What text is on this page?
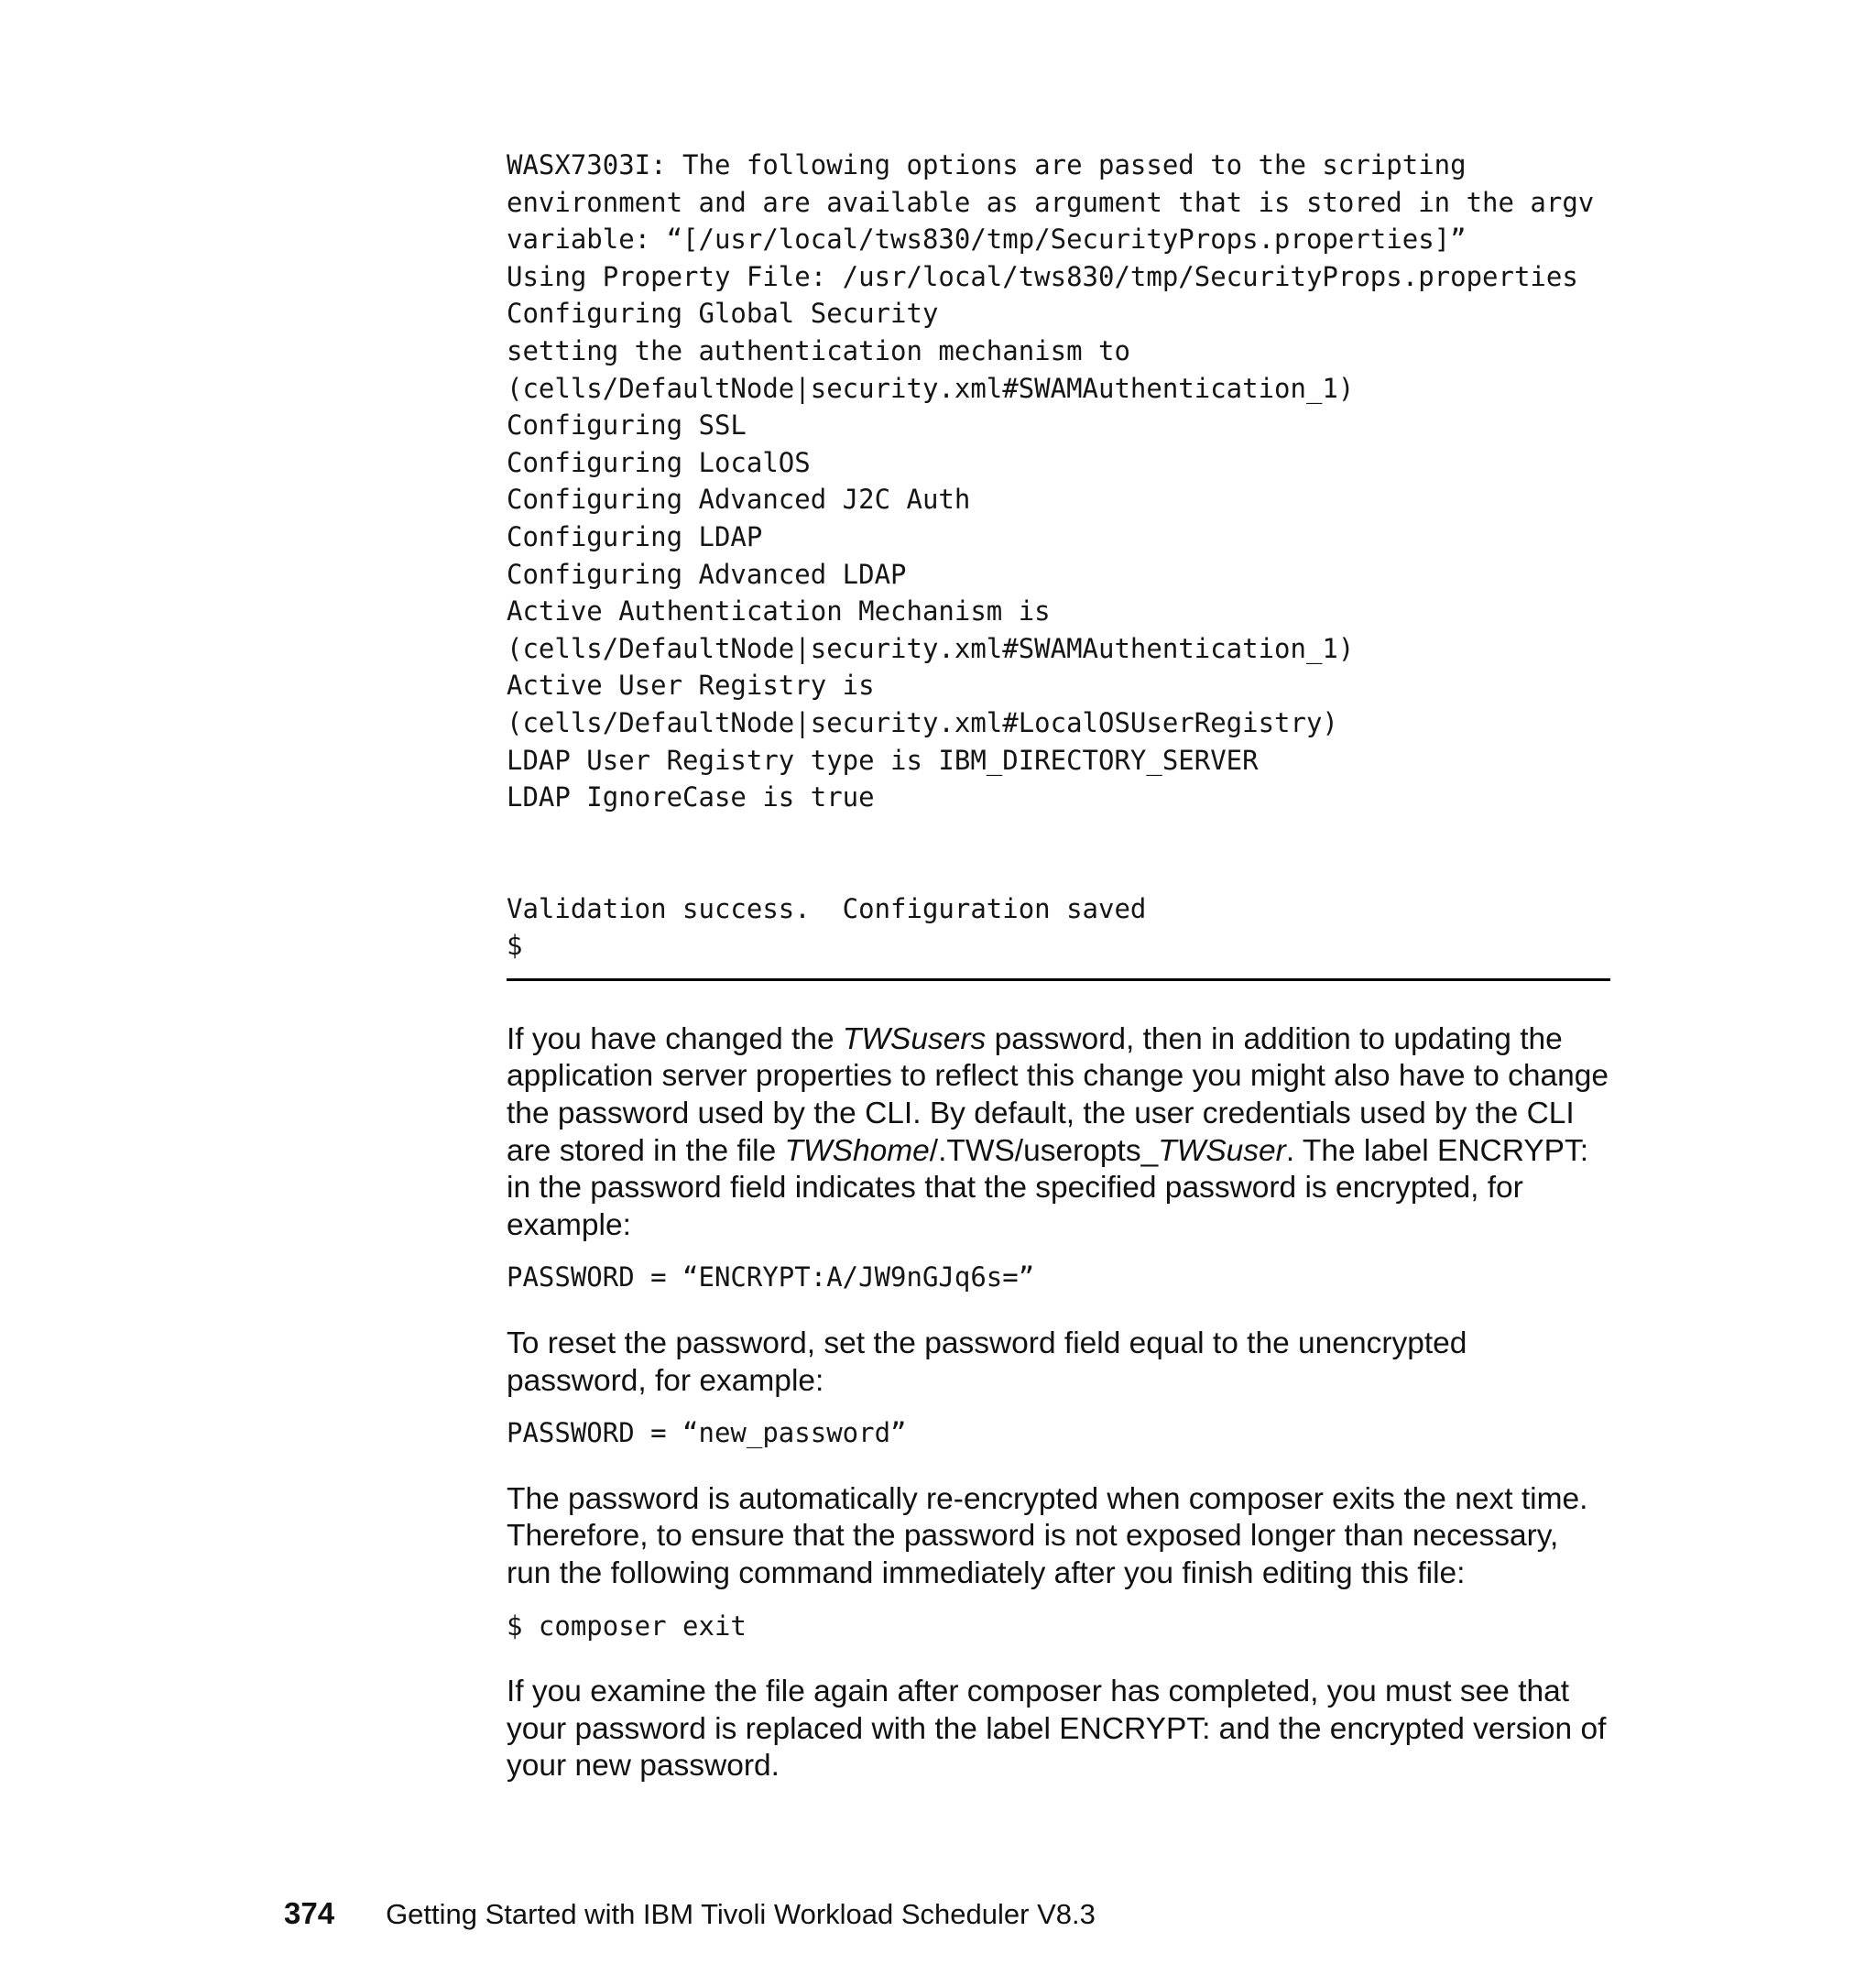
WASX7303I: The following options are passed to the scripting
environment and are available as argument that is stored in the argv
variable: “[/usr/local/tws830/tmp/SecurityProps.properties]”
Using Property File: /usr/local/tws830/tmp/SecurityProps.properties
Configuring Global Security
setting the authentication mechanism to
(cells/DefaultNode|security.xml#SWAMAuthentication_1)
Configuring SSL
Configuring LocalOS
Configuring Advanced J2C Auth
Configuring LDAP
Configuring Advanced LDAP
Active Authentication Mechanism is
(cells/DefaultNode|security.xml#SWAMAuthentication_1)
Active User Registry is
(cells/DefaultNode|security.xml#LocalOSUserRegistry)
LDAP User Registry type is IBM_DIRECTORY_SERVER
LDAP IgnoreCase is true
Validation success.  Configuration saved
$

If you have changed the TWSusers password, then in addition to updating the application server properties to reflect this change you might also have to change the password used by the CLI. By default, the user credentials used by the CLI are stored in the file TWShome/.TWS/useropts_TWSuser. The label ENCRYPT: in the password field indicates that the specified password is encrypted, for example:

PASSWORD = “ENCRYPT:A/JW9nGJq6s=”

To reset the password, set the password field equal to the unencrypted password, for example:

PASSWORD = “new_password”

The password is automatically re-encrypted when composer exits the next time. Therefore, to ensure that the password is not exposed longer than necessary, run the following command immediately after you finish editing this file:

$ composer exit

If you examine the file again after composer has completed, you must see that your password is replaced with the label ENCRYPT: and the encrypted version of your new password.

374 Getting Started with IBM Tivoli Workload Scheduler V8.3
